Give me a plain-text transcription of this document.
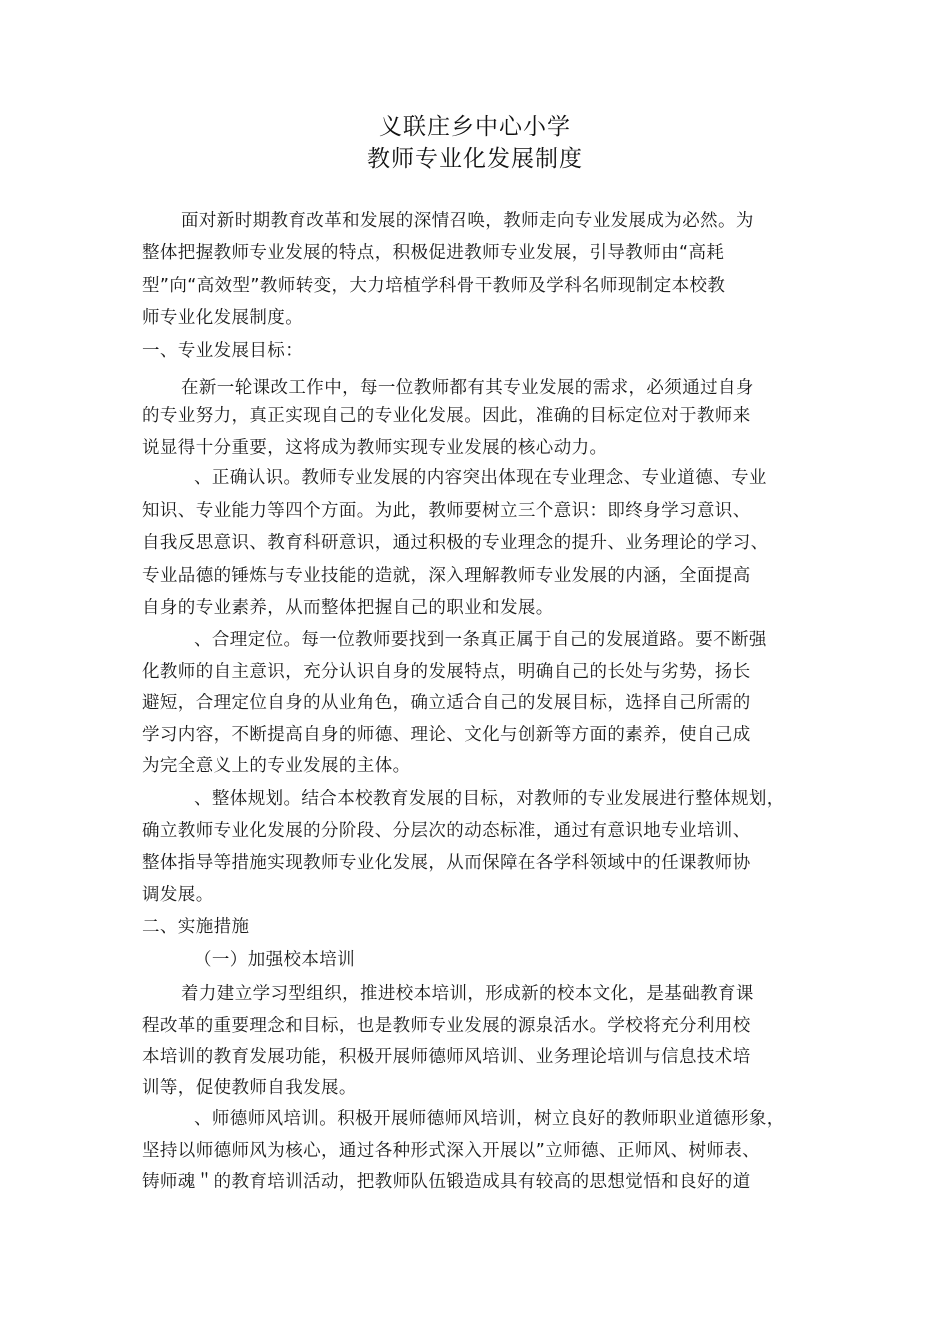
义联庄乡中心小学
教师专业化发展制度
面对新时期教育改革和发展的深情召唤，教师走向专业发展成为必然。为
整体把握教师专业发展的特点，积极促进教师专业发展，引导教师由“高耗
型”向“高效型”教师转变，大力培植学科骨干教师及学科名师现制定本校教
师专业化发展制度。
一、专业发展目标：
在新一轮课改工作中，每一位教师都有其专业发展的需求，必须通过自身
的专业努力，真正实现自己的专业化发展。因此，准确的目标定位对于教师来
说显得十分重要，这将成为教师实现专业发展的核心动力。
、正确认识。教师专业发展的内容突出体现在专业理念、专业道德、专业
知识、专业能力等四个方面。为此，教师要树立三个意识：即终身学习意识、
自我反思意识、教育科研意识，通过积极的专业理念的提升、业务理论的学习、
专业品德的锤炼与专业技能的造就，深入理解教师专业发展的内涵，全面提高
自身的专业素养，从而整体把握自己的职业和发展。
、合理定位。每一位教师要找到一条真正属于自己的发展道路。要不断强
化教师的自主意识，充分认识自身的发展特点，明确自己的长处与劣势，扬长
避短，合理定位自身的从业角色，确立适合自己的发展目标，选择自己所需的
学习内容，不断提高自身的师德、理论、文化与创新等方面的素养，使自己成
为完全意义上的专业发展的主体。
、整体规划。结合本校教育发展的目标，对教师的专业发展进行整体规划，
确立教师专业化发展的分阶段、分层次的动态标准，通过有意识地专业培训、
整体指导等措施实现教师专业化发展，从而保障在各学科领域中的任课教师协
调发展。
二、实施措施
（一）加强校本培训
着力建立学习型组织，推进校本培训，形成新的校本文化，是基础教育课
程改革的重要理念和目标，也是教师专业发展的源泉活水。学校将充分利用校
本培训的教育发展功能，积极开展师德师风培训、业务理论培训与信息技术培
训等，促使教师自我发展。
、师德师风培训。积极开展师德师风培训，树立良好的教师职业道德形象，
坚持以师德师风为核心，通过各种形式深入开展以”立师德、正师风、树师表、
铸师魂＂的教育培训活动，把教师队伍锻造成具有较高的思想觉悟和良好的道
